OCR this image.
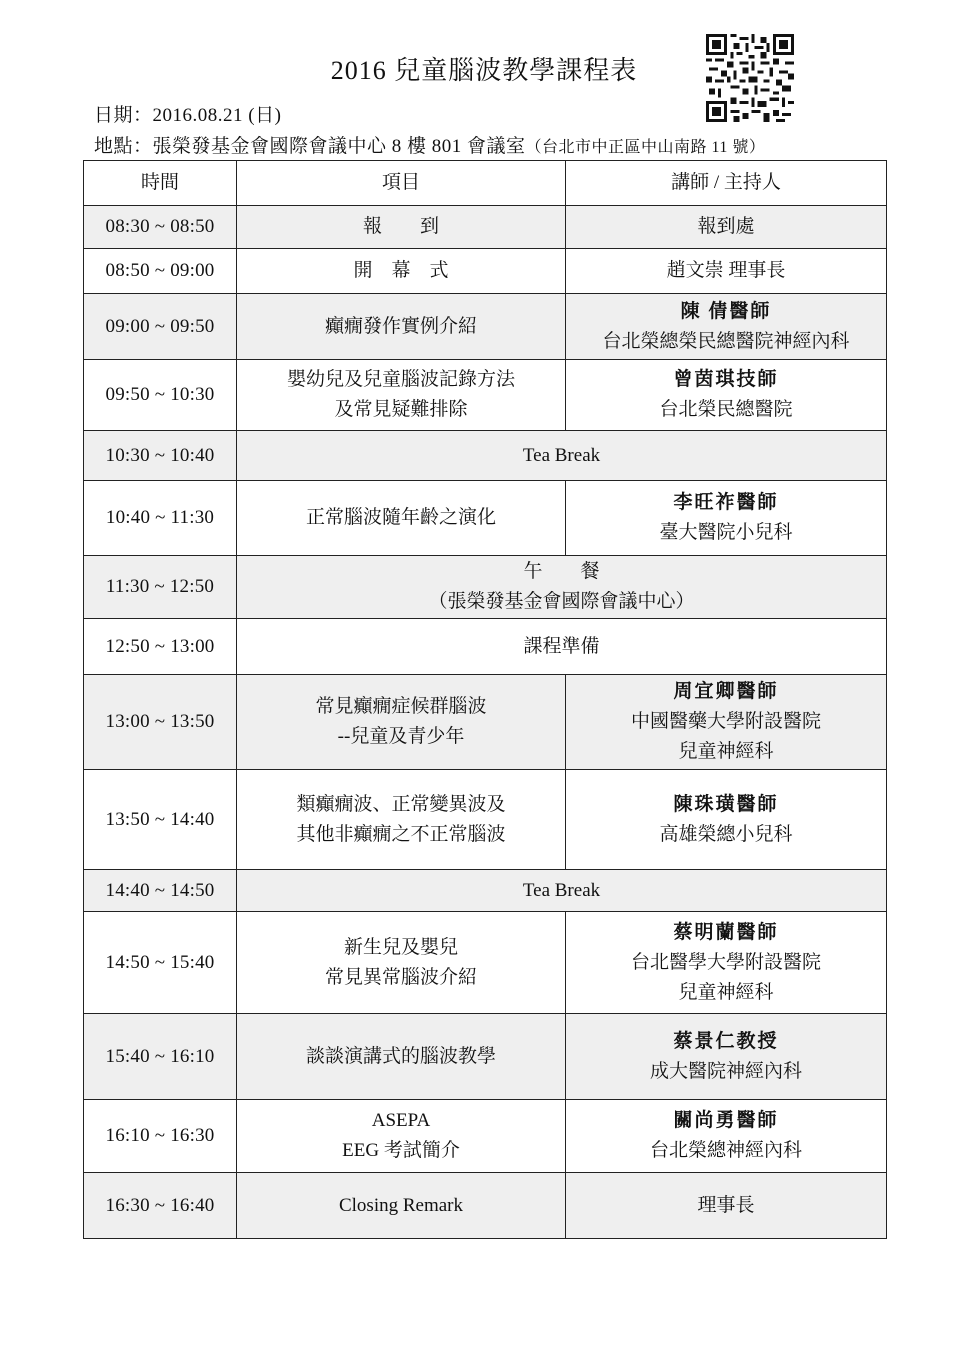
2016 兒童腦波教學課程表
日期：2016.08.21 (日)
地點：張榮發基金會國際會議中心 8 樓 801 會議室（台北市中正區中山南路 11 號）
時間	項目	講師 / 主持人
08:30 ~ 08:50	報　　到	報到處
08:50 ~ 09:00	開　幕　式	趙文崇 理事長
09:00 ~ 09:50	癲癇發作實例介紹	陳 倩醫師
台北榮總榮民總醫院神經內科

09:50 ~ 10:30	嬰幼兒及兒童腦波記錄方法
及常見疑難排除	曾茵琪技師
台北榮民總醫院

10:30 ~ 10:40	Tea Break	
10:40 ~ 11:30	正常腦波隨年齡之演化	李旺祚醫師
臺大醫院小兒科

11:30 ~ 12:50	午　　餐
（張榮發基金會國際會議中心）	

12:50 ~ 13:00	課程準備	
13:00 ~ 13:50	常見癲癇症候群腦波
--兒童及青少年	周宜卿醫師
中國醫藥大學附設醫院
兒童神經科

13:50 ~ 14:40	類癲癇波、正常變異波及
其他非癲癇之不正常腦波	陳珠璜醫師
高雄榮總小兒科

14:40 ~ 14:50	Tea Break	
14:50 ~ 15:40	新生兒及嬰兒
常見異常腦波介紹	蔡明蘭醫師
台北醫學大學附設醫院
兒童神經科

15:40 ~ 16:10	談談演講式的腦波教學	蔡景仁教授
成大醫院神經內科

16:10 ~ 16:30	ASEPA
EEG 考試簡介	關尚勇醫師
台北榮總神經內科

16:30 ~ 16:40	Closing Remark	理事長
